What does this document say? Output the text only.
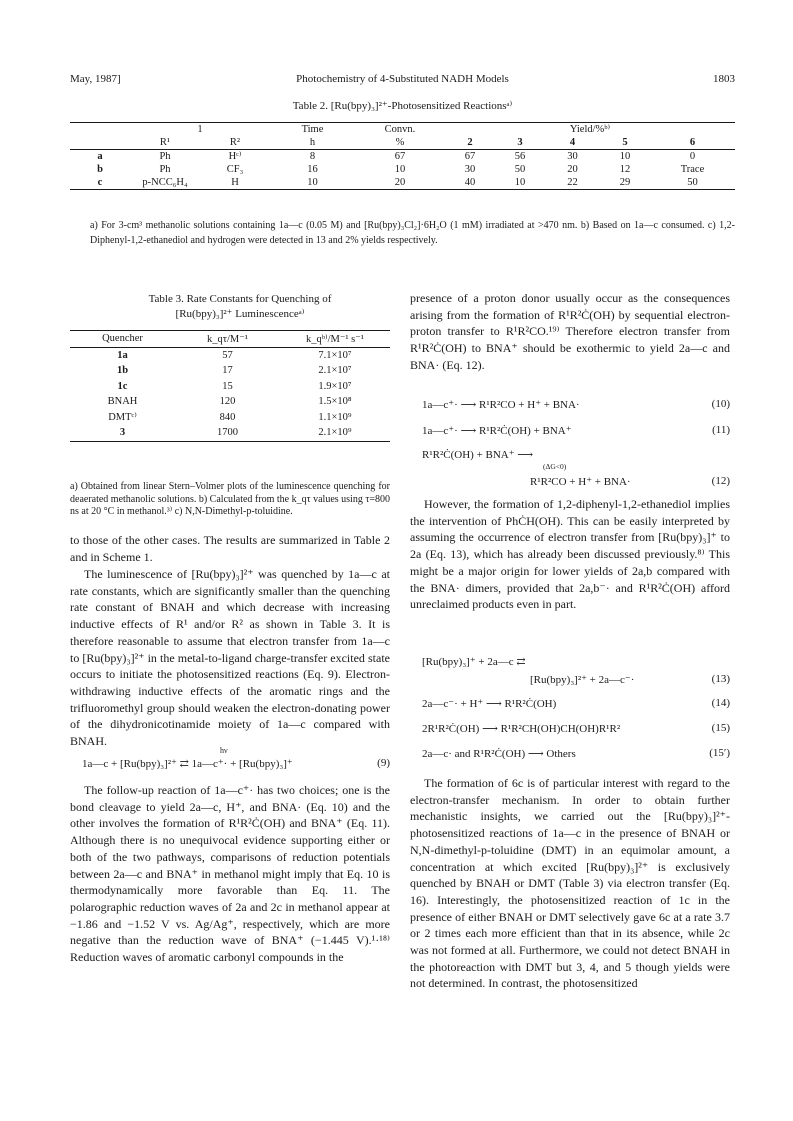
May, 1987]	Photochemistry of 4-Substituted NADH Models	1803
Table 2. [Ru(bpy)₃]²⁺-Photosensitized Reactionsᵃ⁾
	1		Time	Convn.	Yield/%ᵇ⁾				
	R¹	R²	h	%	2	3	4	5	6
a	Ph	Hᶜ⁾	8	67	67	56	30	10	0
b	Ph	CF₃	16	10	30	50	20	12	Trace
c	p-NCC₆H₄	H	10	20	40	10	22	29	50
a) For 3-cm³ methanolic solutions containing 1a—c (0.05 M) and [Ru(bpy)₃Cl₂]·6H₂O (1 mM) irradiated at >470 nm. b) Based on 1a—c consumed. c) 1,2-Diphenyl-1,2-ethanediol and hydrogen were detected in 13 and 2% yields respectively.
Table 3. Rate Constants for Quenching of
[Ru(bpy)₃]²⁺ Luminescenceᵃ⁾
Quencher	k_qτ/M⁻¹	k_qᵇ⁾/M⁻¹ s⁻¹
1a	57	7.1×10⁷
1b	17	2.1×10⁷
1c	15	1.9×10⁷
BNAH	120	1.5×10⁸
DMTᶜ⁾	840	1.1×10⁹
3	1700	2.1×10⁹
a) Obtained from linear Stern–Volmer plots of the luminescence quenching for deaerated methanolic solutions. b) Calculated from the k_qτ values using τ=800 ns at 20 °C in methanol.³⁾ c) N,N-Dimethyl-p-toluidine.
to those of the other cases. The results are summarized in Table 2 and in Scheme 1.
The luminescence of [Ru(bpy)₃]²⁺ was quenched by 1a—c at rate constants, which are significantly smaller than the quenching rate constant of BNAH and which decrease with increasing inductive effects of R¹ and/or R² as shown in Table 3. It is therefore reasonable to assume that electron transfer from 1a—c to [Ru(bpy)₃]²⁺ in the metal-to-ligand charge-transfer excited state occurs to initiate the photosensitized reactions (Eq. 9). Electron-withdrawing inductive effects of the aromatic rings and the trifluoromethyl group should weaken the electron-donating power of the dihydronicotinamide moiety of 1a—c compared with BNAH.
hν
1a—c + [Ru(bpy)₃]²⁺ ⇄ 1a—c⁺· + [Ru(bpy)₃]⁺	(9)
The follow-up reaction of 1a—c⁺· has two choices; one is the bond cleavage to yield 2a—c, H⁺, and BNA· (Eq. 10) and the other involves the formation of R¹R²Ċ(OH) and BNA⁺ (Eq. 11). Although there is no unequivocal evidence supporting either or both of the two pathways, comparisons of reduction potentials between 2a—c and BNA⁺ in methanol might imply that Eq. 10 is thermodynamically more favorable than Eq. 11. The polarographic reduction waves of 2a and 2c in methanol appear at −1.86 and −1.52 V vs. Ag/Ag⁺, respectively, which are more negative than the reduction wave of BNA⁺ (−1.445 V).¹·¹⁸⁾ Reduction waves of aromatic carbonyl compounds in the
presence of a proton donor usually occur as the consequences arising from the formation of R¹R²Ċ(OH) by sequential electron-proton transfer to R¹R²CO.¹⁹⁾ Therefore electron transfer from R¹R²Ċ(OH) to BNA⁺ should be exothermic to yield 2a—c and BNA· (Eq. 12).
1a—c⁺· ⟶ R¹R²CO + H⁺ + BNA·	(10)
1a—c⁺· ⟶ R¹R²Ċ(OH) + BNA⁺	(11)
R¹R²Ċ(OH) + BNA⁺ ⟶
(ΔG<0)
R¹R²CO + H⁺ + BNA·	(12)
However, the formation of 1,2-diphenyl-1,2-ethanediol implies the intervention of PhĊH(OH). This can be easily interpreted by assuming the occurrence of electron transfer from [Ru(bpy)₃]⁺ to 2a (Eq. 13), which has already been discussed previously.⁸⁾ This might be a major origin for lower yields of 2a,b compared with the BNA· dimers, provided that 2a,b⁻· and R¹R²Ċ(OH) afford unreclaimed products even in part.
[Ru(bpy)₃]⁺ + 2a—c ⇄
[Ru(bpy)₃]²⁺ + 2a—c⁻·	(13)
2a—c⁻· + H⁺ ⟶ R¹R²Ċ(OH)	(14)
2R¹R²Ċ(OH) ⟶ R¹R²CH(OH)CH(OH)R¹R²	(15)
2a—c· and R¹R²Ċ(OH) ⟶ Others	(15′)
The formation of 6c is of particular interest with regard to the electron-transfer mechanism. In order to obtain further mechanistic insights, we carried out the [Ru(bpy)₃]²⁺-photosensitized reactions of 1a—c in the presence of BNAH or N,N-dimethyl-p-toluidine (DMT) in an equimolar amount, a concentration at which excited [Ru(bpy)₃]²⁺ is exclusively quenched by BNAH or DMT (Table 3) via electron transfer (Eq. 16). Interestingly, the photosensitized reaction of 1c in the presence of either BNAH or DMT selectively gave 6c at a rate 3.7 or 2 times each more efficient than that in its absence, while 2c was not formed at all. Furthermore, we could not detect BNAH in the photoreaction with DMT but 3, 4, and 5 though yields were not determined. In contrast, the photosensitized
